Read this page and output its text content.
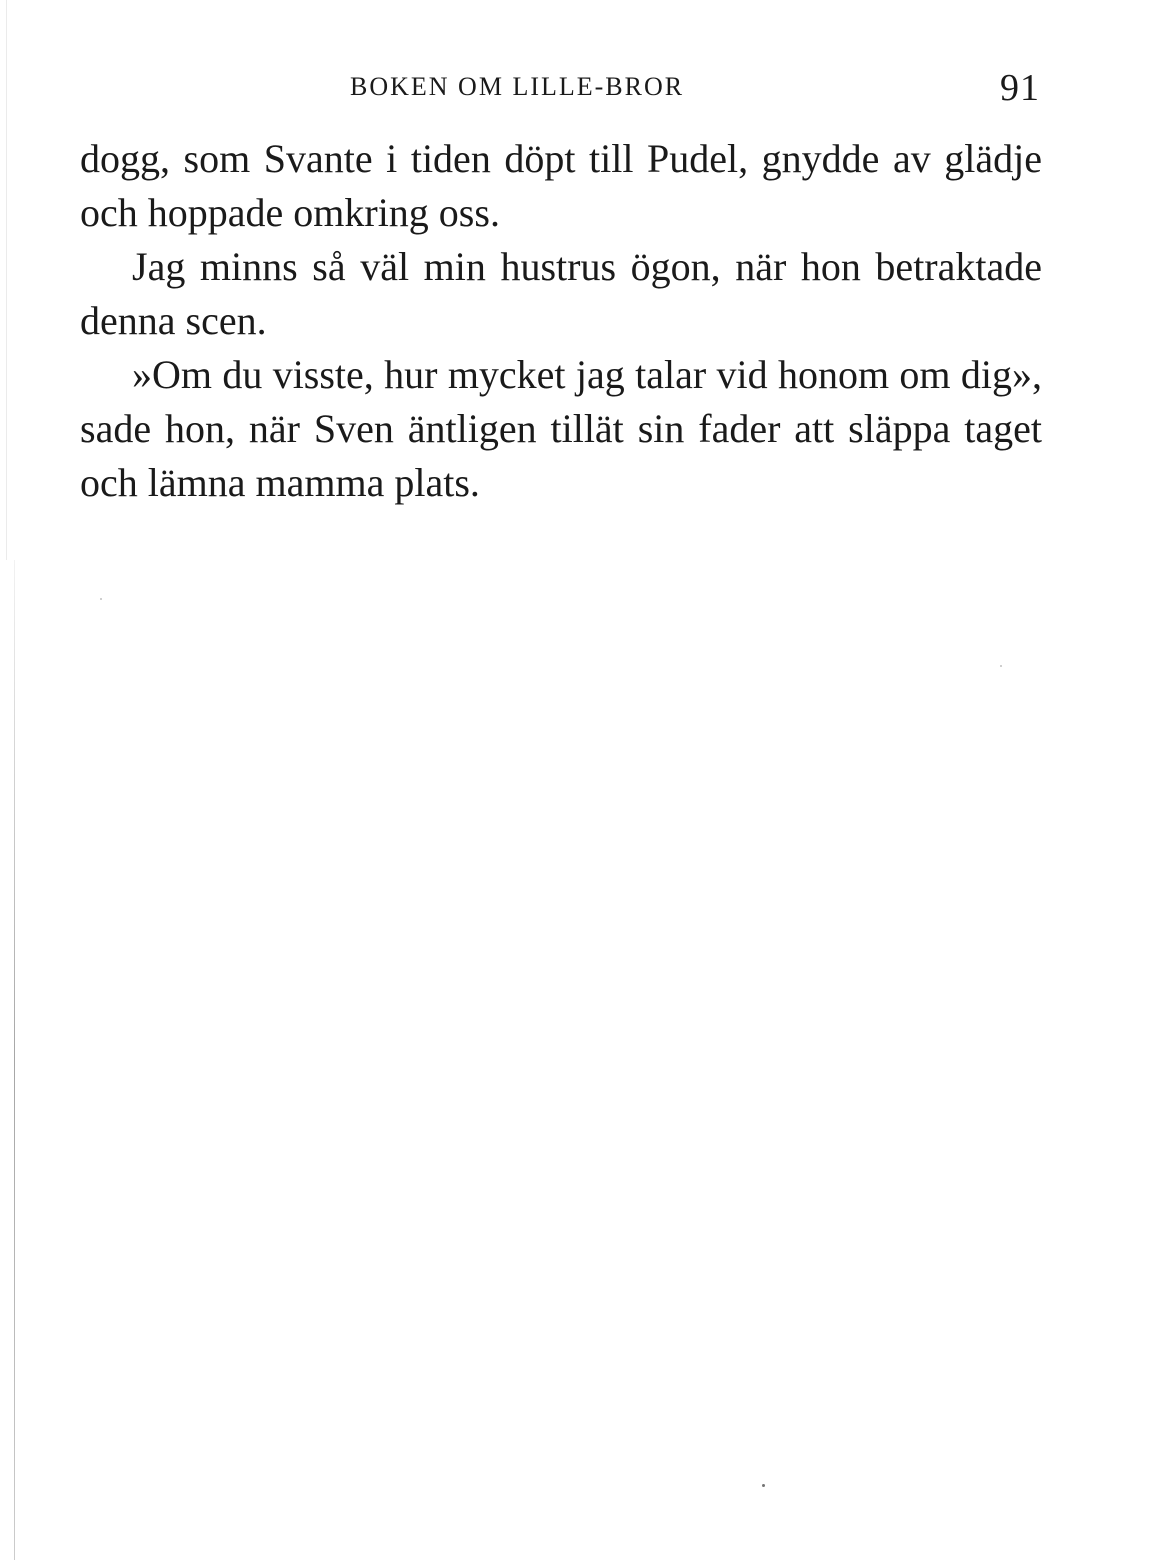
BOKEN OM LILLE-BROR	91

dogg, som Svante i tiden döpt till Pudel, gnydde av glädje och hoppade omkring oss.

Jag minns så väl min hustrus ögon, när hon betraktade denna scen.

»Om du visste, hur mycket jag talar vid honom om dig», sade hon, när Sven äntligen tillät sin fader att släppa taget och lämna mamma plats.
